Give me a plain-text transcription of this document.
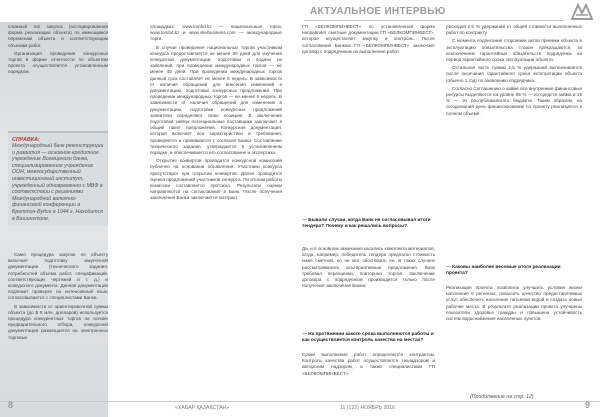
АКТУАЛЬНОЕ ИНТЕРВЬЮ

сложный тип закупок (ассоциированная форма реализации объекта) по имеющимся переменам объекта и соответствующим объемам работ.

Организация проведения конкурсных торгов в форме отчетности по объектам проекта осуществляется установленным порядком.

СПРАВКА:
Международный банк реконструкции и развития — основное кредитное учреждение Всемирного банка, специализированное учреждение ООН, межгосударственный инвестиционный институт, учрежденный одновременно с МВФ в соответствии с решениями Международной валютно-финансовой конференции в Бреттон-Вудсе в 1944 г. Находится в Вашингтоне.

Само процедура закупок по объекту включает подготовку закупочной документации (технического задания, потребностей объема работ, спецификаций, соответствующих чертежей и т. д.) и конкурсного документа. Данная документация подлежит проверке на интенсивный язык, согласовывается с специалистами Банка.

В зависимости от ориентировочной суммы объекта (до $ 5 млн. долларов) используется процедура конкурентных торгов на основе предварительного отбора, конкурсной документации размещается на электронных торговых

площадках: www.lombd.kz — национальные торги, www.lombd.kz и www.devbusiness.com — международные торги.

В случае проведения национальных торгов участникам конкурса предоставляется не менее 30 дней для изучения конкурсной документации, подготовки и подачи их заявлений, при проведении международных торгов — не менее 45 дней. При проведении международных торгов данный срок составляет не менее 6 недель. В зависимости от наличия обращений для внесения изменений в документацию, подготовки конкурсных предложений. При проведении международных торгов — не менее 6 недель. В зависимости от наличия обращений для изменения в документацию, подготовки конкурсных предложений заявители определяют свою позицию. В заключение подготовки заявок потенциальные поставщики заключают в общий пакет предложения. Конкурсная документация, которая включает все характеристики и требования, проверяется и принимается с согласия Банка. Составление технического задания, утверждается в установленном порядке, и обеспечивается его согласование и экспертиза.

Открытие конвертов проводится конкурсной комиссией публично на основании объявления. Участники конкурса присутствуют при открытии конвертов. Далее проводится оценка предложений участников конкурса. По итогам работы комиссии составляется протокол. Результаты оценки направляются на согласование в Банк. После получения заключения Банка заключается контракт.

ГП «БЕЛКОМПИНВЕСТ» по установленной форме направляет сметные документации ГП «БЕЛКОМПИНВЕСТ», которое осуществляет закупку и контроль. После согласования Банком ГП «БЕЛКОМПИНВЕСТ» заключает договор с подрядчиком на выполнение работ.

— Бывали случаи, когда Банк не согласовывал итоги тендера? Почему и как решались вопросы?

Да, и в основном замечания касались комплекта материалов, когда, например, победитель тендера предлагал стоимость ниже сметной, но не мог обосновать ее. В таких случаях рассматривались альтернативные предложения. Банк требовал переоценки, повторных торгов. Заключение договора с подрядчиком производится только после получения заключения Банка.

— На протяжении какого срока выполняются работы и как осуществляется контроль качества на местах?

Сроки выполнения работ определяются контрактом. Контроль качества работ осуществляется технадзором и авторским надзором, а также специалистами ГП «БЕЛКОМПИНВЕСТ».

расходов 2,5 % удержаний от общей стоимости выполненных работ по контракту.

С момента подписания сторонами актов приемки объекта в эксплуатацию обязательства сторон прекращаются, за исключением гарантийных обязательств подрядчика на период гарантийного срока эксплуатации объекта.

Остальная часть суммы 2,5 % удержаний выплачивается после окончания гарантийного срока эксплуатации объекта (обычно 1 год) по заявлению подрядчика.

Согласно Соглашению о займе все внутренние финансовые ресурсы выделяются на уровне 85 % — из средств займа и 15 % — из республиканского бюджета. Таким образом, на сегодняшний день финансирование по проекту реализуется в полном объеме.

— Каковы наиболее весомые итоги реализации проекта?

Реализация проекта позволила улучшить условия жизни населения в регионах, повысить качество предоставляемых услуг, обеспечить население питьевой водой и создать новые рабочие места. В результате реализации проекта улучшены показатели здоровья граждан и повышена устойчивость систем водоснабжения населенных пунктов.

(Продолжение на стр. 12)
8	«ХАБАР ҚАЗАҚСТАН»	11 (122) НОЯБРЬ 2016	9
